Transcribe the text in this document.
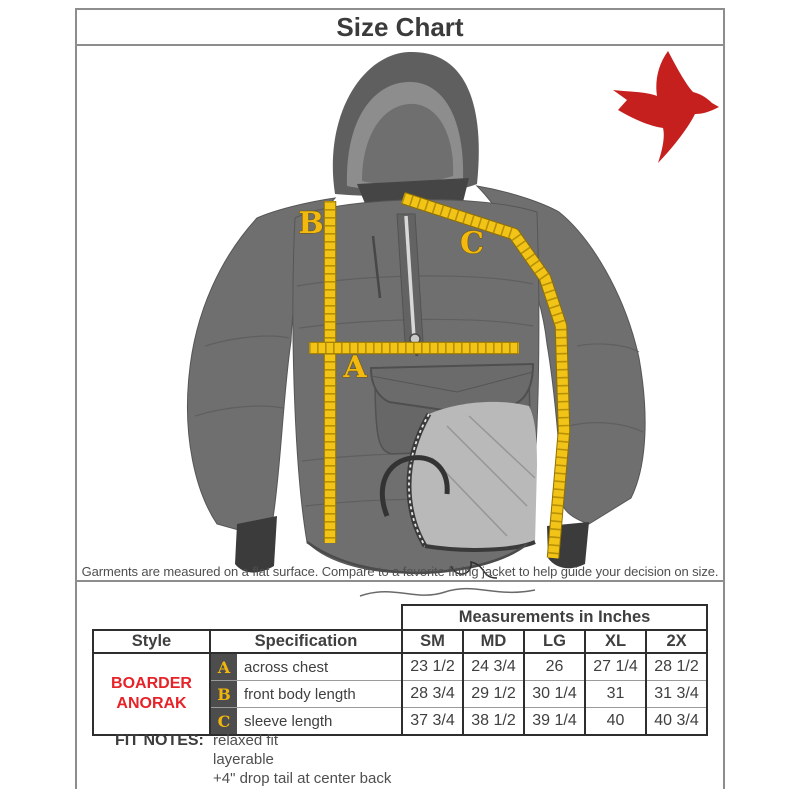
Size Chart
B
C
A
Garments are measured on a flat surface. Compare to a favorite fitting jacket to help guide your decision on size.
		Measurements in Inches				
Style	Specification	SM	MD	LG	XL	2X
BOARDER ANORAK	A across chest	23 1/2	24 3/4	26	27 1/4	28 1/2

B front body length	28 3/4	29 1/2	30 1/4	31	31 3/4

C sleeve length	37 3/4	38 1/2	39 1/4	40	40 3/4
FIT NOTES: relaxed fit
layerable
+4" drop tail at center back
